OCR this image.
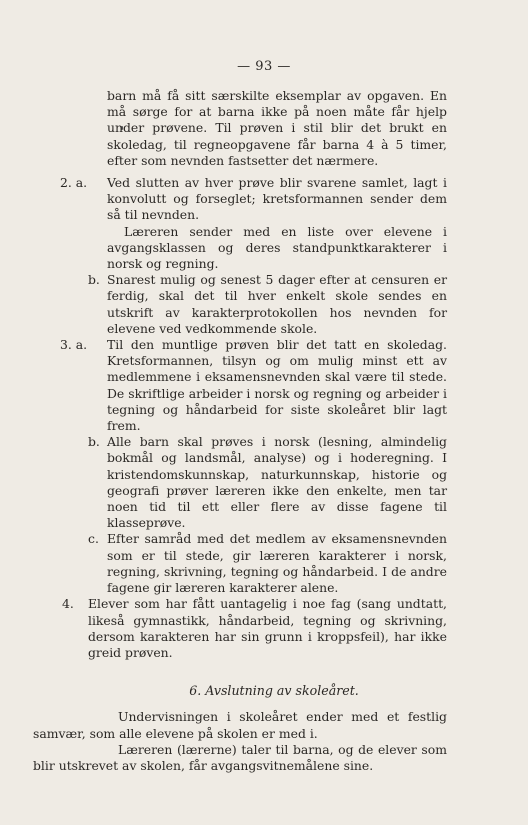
— 93 —
barn må få sitt særskilte eksemplar av opgaven. En må sørge for at barna ikke på noen måte får hjelp under prøvene. Til prøven i stil blir det brukt en skoledag, til regneopgavene får barna 4 à 5 timer, efter som nevnden fastsetter det nærmere.
2. a. Ved slutten av hver prøve blir svarene samlet, lagt i konvolutt og forseglet; kretsformannen sender dem så til nevnden.
Læreren sender med en liste over elevene i avgangsklassen og deres standpunktkarakterer i norsk og regning.
b. Snarest mulig og senest 5 dager efter at censuren er ferdig, skal det til hver enkelt skole sendes en utskrift av karakterprotokollen hos nevnden for elevene ved vedkommende skole.
3. a. Til den muntlige prøven blir det tatt en skoledag. Kretsformannen, tilsyn og om mulig minst ett av medlemmene i eksamensnevnden skal være til stede. De skriftlige arbeider i norsk og regning og arbeider i tegning og håndarbeid for siste skoleåret blir lagt frem.
b. Alle barn skal prøves i norsk (lesning, almindelig bokmål og landsmål, analyse) og i hoderegning. I kristendomskunnskap, naturkunnskap, historie og geografi prøver læreren ikke den enkelte, men tar noen tid til ett eller flere av disse fagene til klasseprøve.
c. Efter samråd med det medlem av eksamensnevnden som er til stede, gir læreren karakterer i norsk, regning, skrivning, tegning og håndarbeid. I de andre fagene gir læreren karakterer alene.
4. Elever som har fått uantagelig i noe fag (sang undtatt, likeså gymnastikk, håndarbeid, tegning og skrivning, dersom karakteren har sin grunn i kroppsfeil), har ikke greid prøven.
6. Avslutning av skoleåret.
Undervisningen i skoleåret ender med et festlig samvær, som alle elevene på skolen er med i.
Læreren (lærerne) taler til barna, og de elever som blir utskrevet av skolen, får avgangsvitnemålene sine.
